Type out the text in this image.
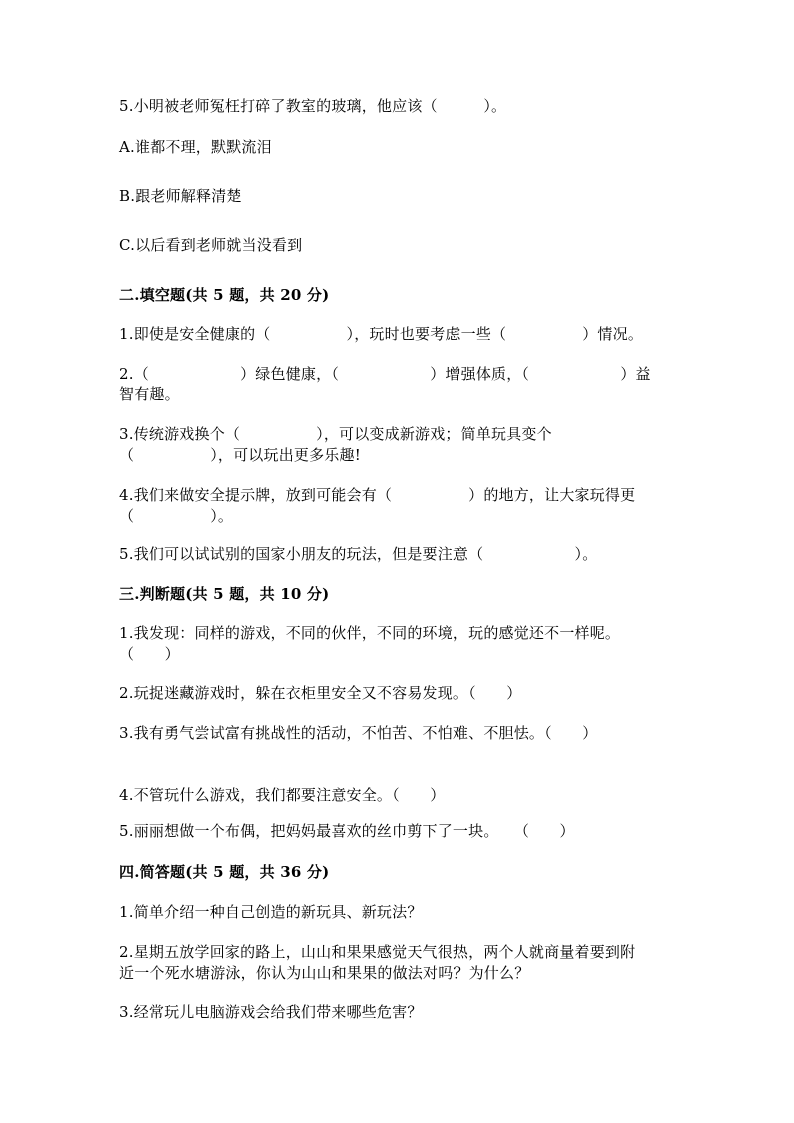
5.小明被老师冤枉打碎了教室的玻璃，他应该（　　　）。

A.谁都不理，默默流泪

B.跟老师解释清楚

C.以后看到老师就当没看到

二.填空题(共 5 题，共 20 分)

1.即使是安全健康的（　　　　　），玩时也要考虑一些（　　　　　）情况。

2.（　　　　　　）绿色健康，（　　　　　　）增强体质，（　　　　　　）益

智有趣。

3.传统游戏换个（　　　　　），可以变成新游戏；简单玩具变个

（　　　　　），可以玩出更多乐趣!

4.我们来做安全提示牌，放到可能会有（　　　　　）的地方，让大家玩得更

（　　　　　）。

5.我们可以试试别的国家小朋友的玩法，但是要注意（　　　　　　）。

三.判断题(共 5 题，共 10 分)

1.我发现：同样的游戏，不同的伙伴，不同的环境，玩的感觉还不一样呢。

（　　）

2.玩捉迷藏游戏时，躲在衣柜里安全又不容易发现。（　　）

3.我有勇气尝试富有挑战性的活动，不怕苦、不怕难、不胆怯。（　　）

4.不管玩什么游戏，我们都要注意安全。（　　）

5.丽丽想做一个布偶，把妈妈最喜欢的丝巾剪下了一块。　　（　　）

四.简答题(共 5 题，共 36 分)

1.简单介绍一种自己创造的新玩具、新玩法？

2.星期五放学回家的路上，山山和果果感觉天气很热，两个人就商量着要到附

近一个死水塘游泳，你认为山山和果果的做法对吗？为什么？

3.经常玩儿电脑游戏会给我们带来哪些危害？
